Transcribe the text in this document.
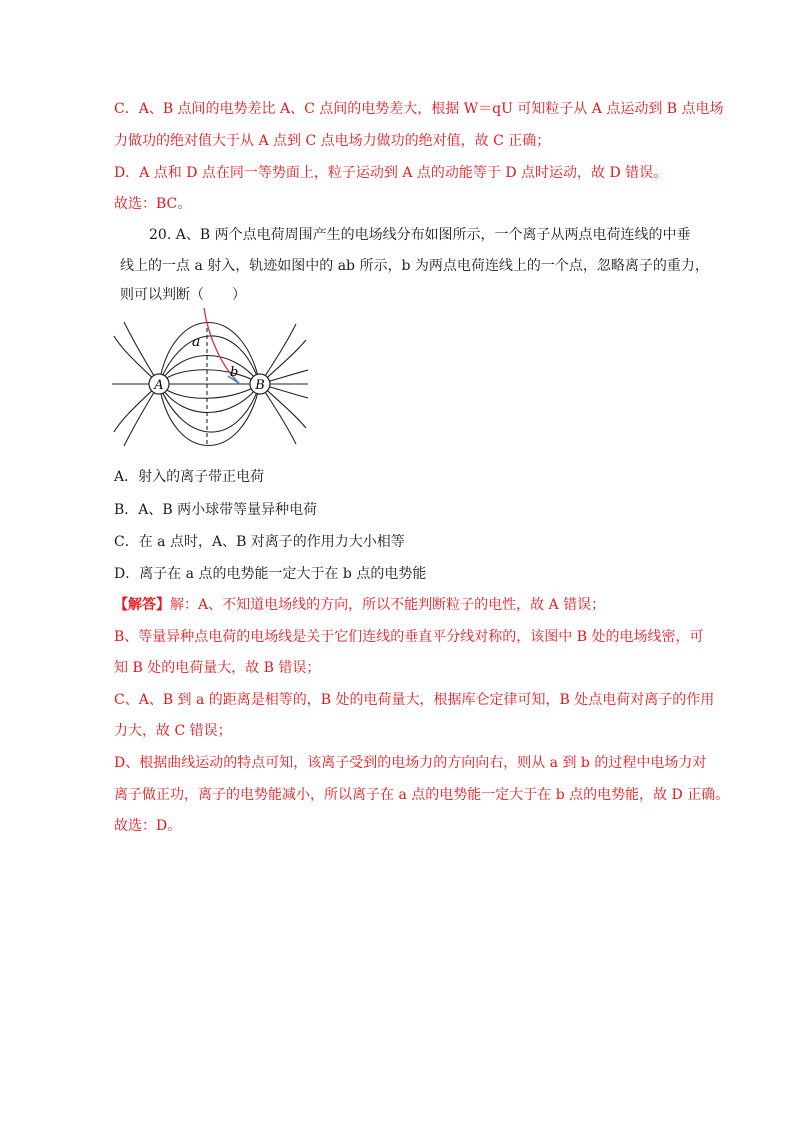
C．A、B 点间的电势差比 A、C 点间的电势差大，根据 W＝qU 可知粒子从 A 点运动到 B 点电场
力做功的绝对值大于从 A 点到 C 点电场力做功的绝对值，故 C 正确；
D．A 点和 D 点在同一等势面上，粒子运动到 A 点的动能等于 D 点时运动，故 D 错误。
故选：BC。
20. A、B 两个点电荷周围产生的电场线分布如图所示，一个离子从两点电荷连线的中垂
线上的一点 a 射入，轨迹如图中的 ab 所示，b 为两点电荷连线上的一个点，忽略离子的重力，
则可以判断（　　）
A	B
a
b
A．射入的离子带正电荷
B．A、B 两小球带等量异种电荷
C．在 a 点时，A、B 对离子的作用力大小相等
D．离子在 a 点的电势能一定大于在 b 点的电势能
【解答】解：A、不知道电场线的方向，所以不能判断粒子的电性，故 A 错误；
B、等量异种点电荷的电场线是关于它们连线的垂直平分线对称的，该图中 B 处的电场线密，可
知 B 处的电荷量大，故 B 错误；
C、A、B 到 a 的距离是相等的，B 处的电荷量大，根据库仑定律可知，B 处点电荷对离子的作用
力大，故 C 错误；
D、根据曲线运动的特点可知，该离子受到的电场力的方向向右，则从 a 到 b 的过程中电场力对
离子做正功，离子的电势能减小，所以离子在 a 点的电势能一定大于在 b 点的电势能，故 D 正确。
故选：D。
